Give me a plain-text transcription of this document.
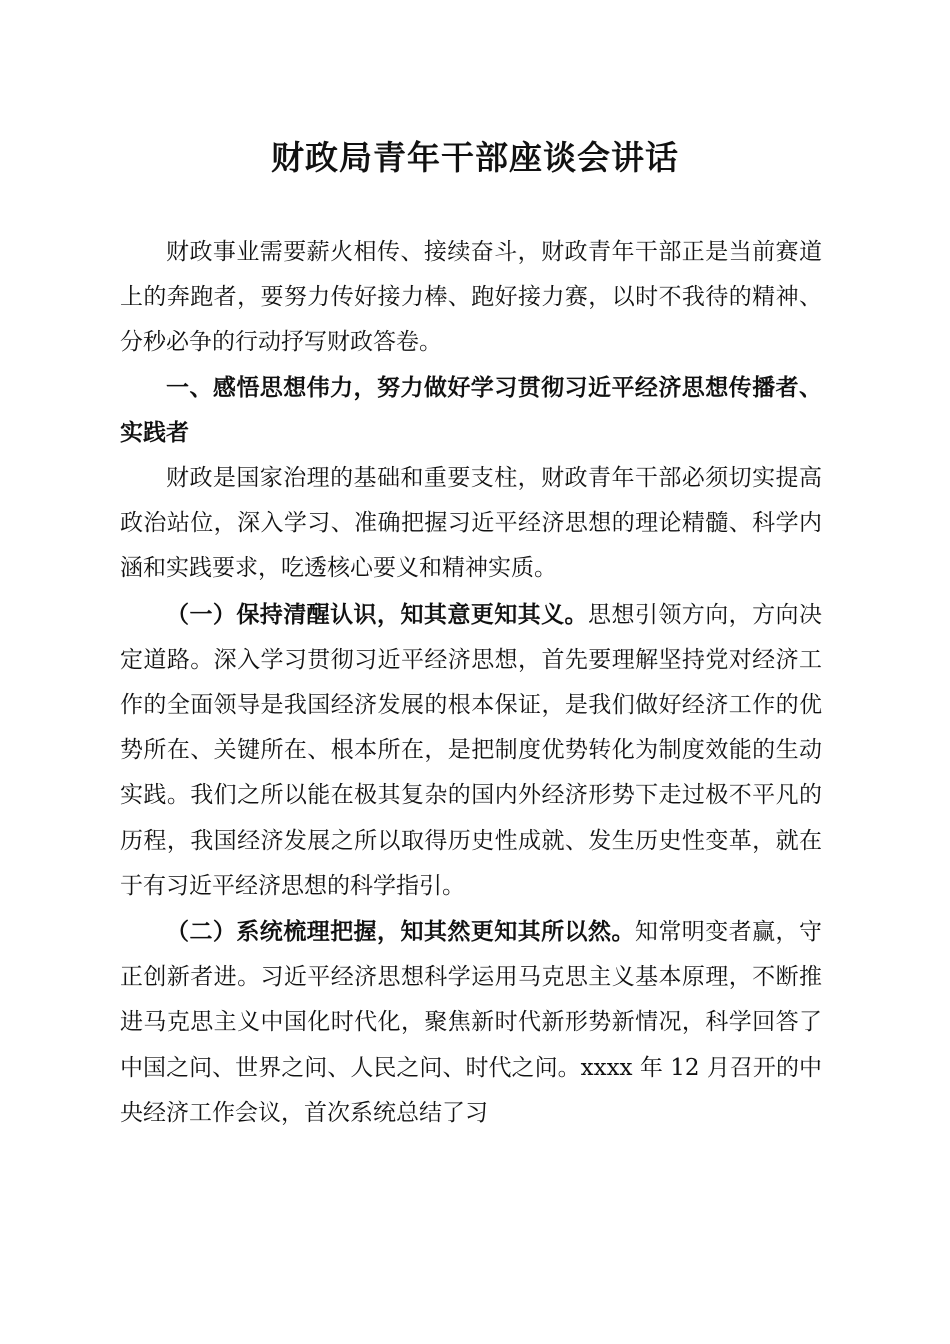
财政局青年干部座谈会讲话

财政事业需要薪火相传、接续奋斗，财政青年干部正是当前赛道上的奔跑者，要努力传好接力棒、跑好接力赛，以时不我待的精神、分秒必争的行动抒写财政答卷。

一、感悟思想伟力，努力做好学习贯彻习近平经济思想传播者、实践者

财政是国家治理的基础和重要支柱，财政青年干部必须切实提高政治站位，深入学习、准确把握习近平经济思想的理论精髓、科学内涵和实践要求，吃透核心要义和精神实质。

（一）保持清醒认识，知其意更知其义。思想引领方向，方向决定道路。深入学习贯彻习近平经济思想，首先要理解坚持党对经济工作的全面领导是我国经济发展的根本保证，是我们做好经济工作的优势所在、关键所在、根本所在，是把制度优势转化为制度效能的生动实践。我们之所以能在极其复杂的国内外经济形势下走过极不平凡的历程，我国经济发展之所以取得历史性成就、发生历史性变革，就在于有习近平经济思想的科学指引。

（二）系统梳理把握，知其然更知其所以然。知常明变者赢，守正创新者进。习近平经济思想科学运用马克思主义基本原理，不断推进马克思主义中国化时代化，聚焦新时代新形势新情况，科学回答了中国之问、世界之问、人民之问、时代之问。xxxx 年 12 月召开的中央经济工作会议，首次系统总结了习
